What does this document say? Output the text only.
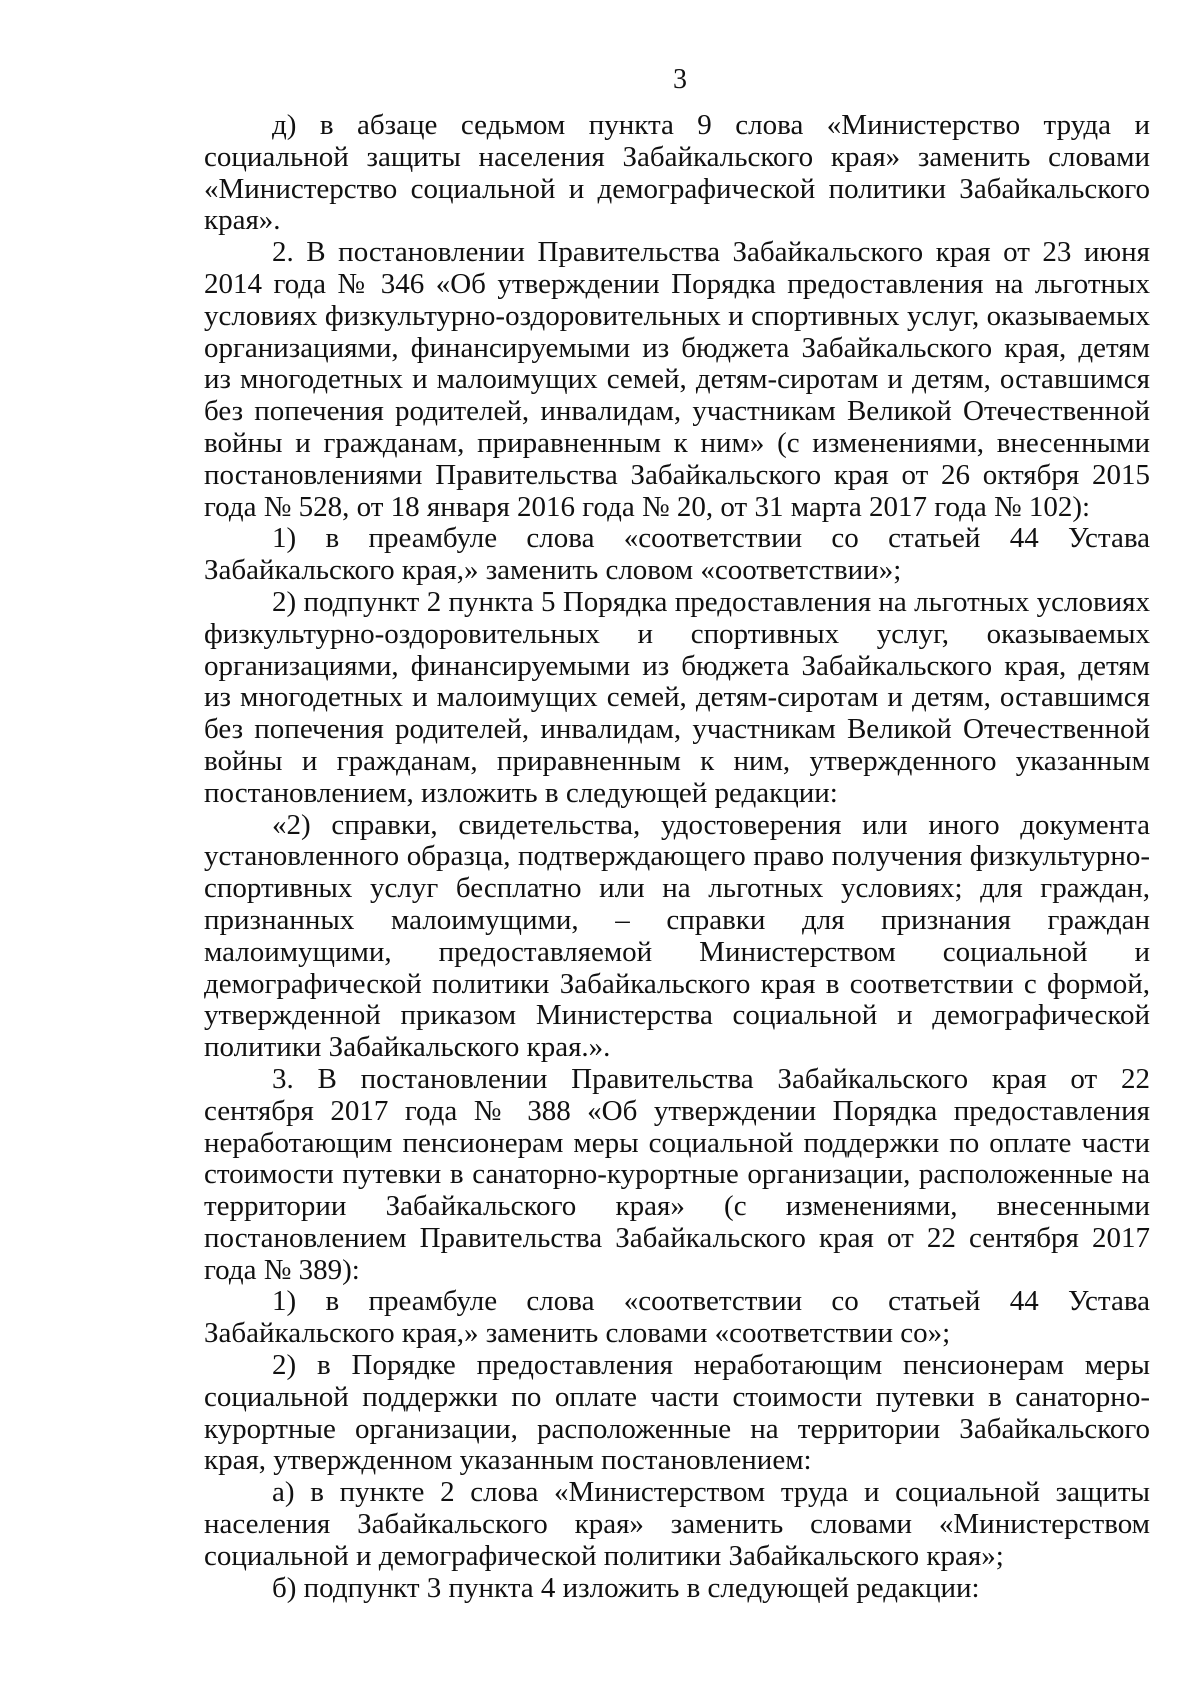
3

д) в абзаце седьмом пункта 9 слова «Министерство труда и социальной защиты населения Забайкальского края» заменить словами «Министерство социальной и демографической политики Забайкальского края».

2. В постановлении Правительства Забайкальского края от 23 июня 2014 года № 346 «Об утверждении Порядка предоставления на льготных условиях физкультурно-оздоровительных и спортивных услуг, оказываемых организациями, финансируемыми из бюджета Забайкальского края, детям из многодетных и малоимущих семей, детям-сиротам и детям, оставшимся без попечения родителей, инвалидам, участникам Великой Отечественной войны и гражданам, приравненным к ним» (с изменениями, внесенными постановлениями Правительства Забайкальского края от 26 октября 2015 года № 528, от 18 января 2016 года № 20, от 31 марта 2017 года № 102):

1) в преамбуле слова «соответствии со статьей 44 Устава Забайкальского края,» заменить словом «соответствии»;

2) подпункт 2 пункта 5 Порядка предоставления на льготных условиях физкультурно-оздоровительных и спортивных услуг, оказываемых организациями, финансируемыми из бюджета Забайкальского края, детям из многодетных и малоимущих семей, детям-сиротам и детям, оставшимся без попечения родителей, инвалидам, участникам Великой Отечественной войны и гражданам, приравненным к ним, утвержденного указанным постановлением, изложить в следующей редакции:

«2) справки, свидетельства, удостоверения или иного документа установленного образца, подтверждающего право получения физкультурно-спортивных услуг бесплатно или на льготных условиях; для граждан, признанных малоимущими, – справки для признания граждан малоимущими, предоставляемой Министерством социальной и демографической политики Забайкальского края в соответствии с формой, утвержденной приказом Министерства социальной и демографической политики Забайкальского края.».

3. В постановлении Правительства Забайкальского края от 22 сентября 2017 года № 388 «Об утверждении Порядка предоставления неработающим пенсионерам меры социальной поддержки по оплате части стоимости путевки в санаторно-курортные организации, расположенные на территории Забайкальского края» (с изменениями, внесенными постановлением Правительства Забайкальского края от 22 сентября 2017 года № 389):

1) в преамбуле слова «соответствии со статьей 44 Устава Забайкальского края,» заменить словами «соответствии со»;

2) в Порядке предоставления неработающим пенсионерам меры социальной поддержки по оплате части стоимости путевки в санаторно-курортные организации, расположенные на территории Забайкальского края, утвержденном указанным постановлением:

а) в пункте 2 слова «Министерством труда и социальной защиты населения Забайкальского края» заменить словами «Министерством социальной и демографической политики Забайкальского края»;

б) подпункт 3 пункта 4 изложить в следующей редакции:
